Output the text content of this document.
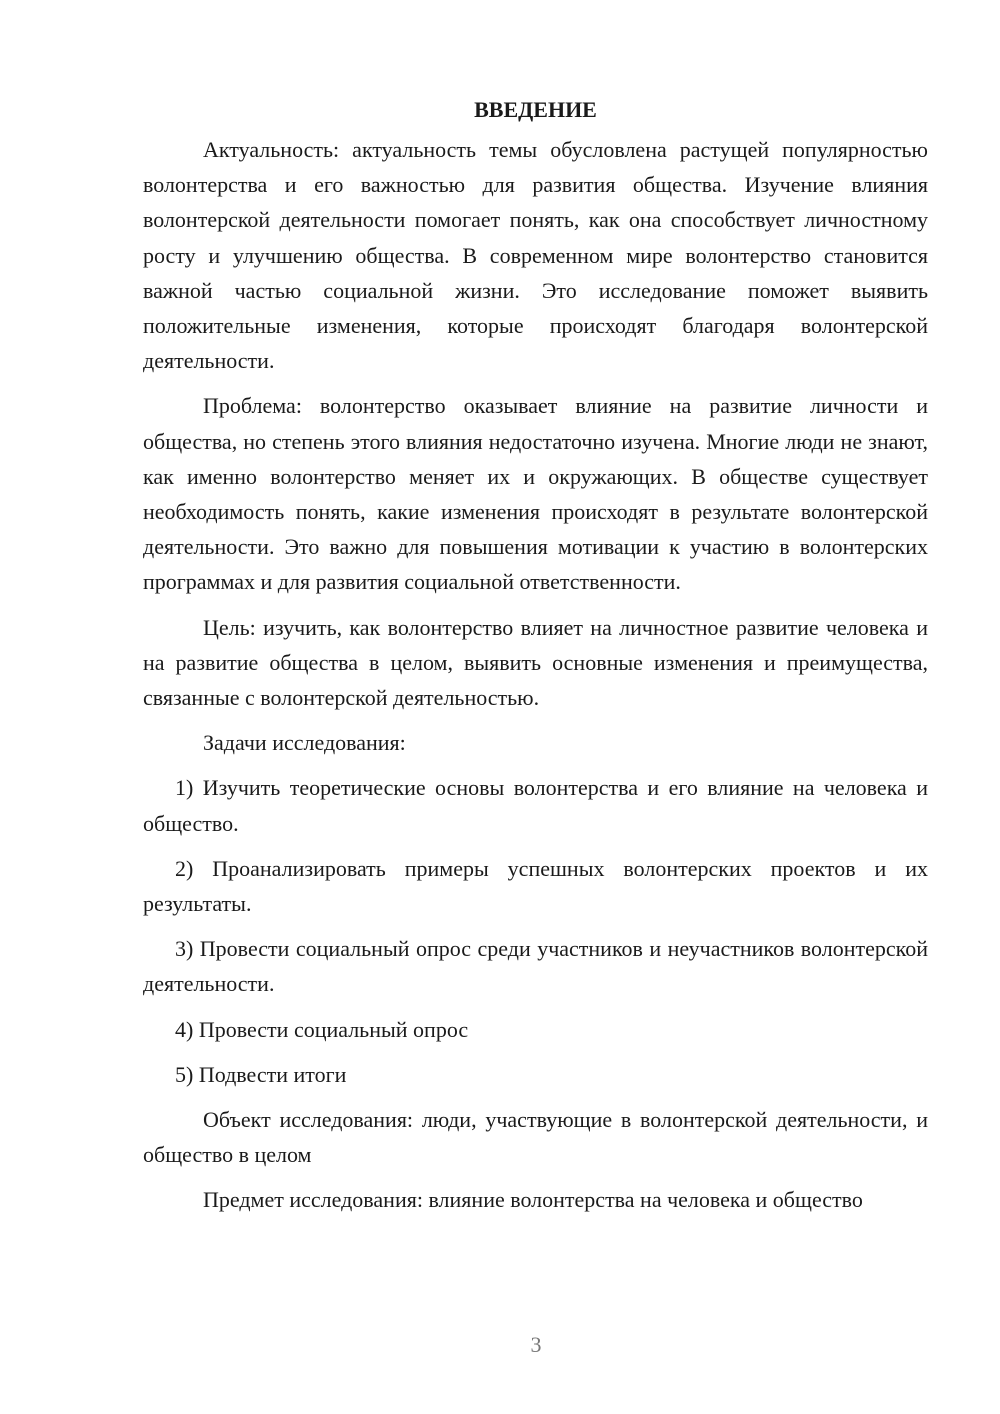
ВВЕДЕНИЕ

Актуальность: актуальность темы обусловлена растущей популярностью волонтерства и его важностью для развития общества. Изучение влияния волонтерской деятельности помогает понять, как она способствует личностному росту и улучшению общества. В современном мире волонтерство становится важной частью социальной жизни. Это исследование поможет выявить положительные изменения, которые происходят благодаря волонтерской деятельности.

Проблема: волонтерство оказывает влияние на развитие личности и общества, но степень этого влияния недостаточно изучена. Многие люди не знают, как именно волонтерство меняет их и окружающих. В обществе существует необходимость понять, какие изменения происходят в результате волонтерской деятельности. Это важно для повышения мотивации к участию в волонтерских программах и для развития социальной ответственности.

Цель: изучить, как волонтерство влияет на личностное развитие человека и на развитие общества в целом, выявить основные изменения и преимущества, связанные с волонтерской деятельностью.

Задачи исследования:

1) Изучить теоретические основы волонтерства и его влияние на человека и общество.

2) Проанализировать примеры успешных волонтерских проектов и их результаты.

3) Провести социальный опрос среди участников и неучастников волонтерской деятельности.

4) Провести социальный опрос

5) Подвести итоги

Объект исследования: люди, участвующие в волонтерской деятельности, и общество в целом

Предмет исследования: влияние волонтерства на человека и общество

3
